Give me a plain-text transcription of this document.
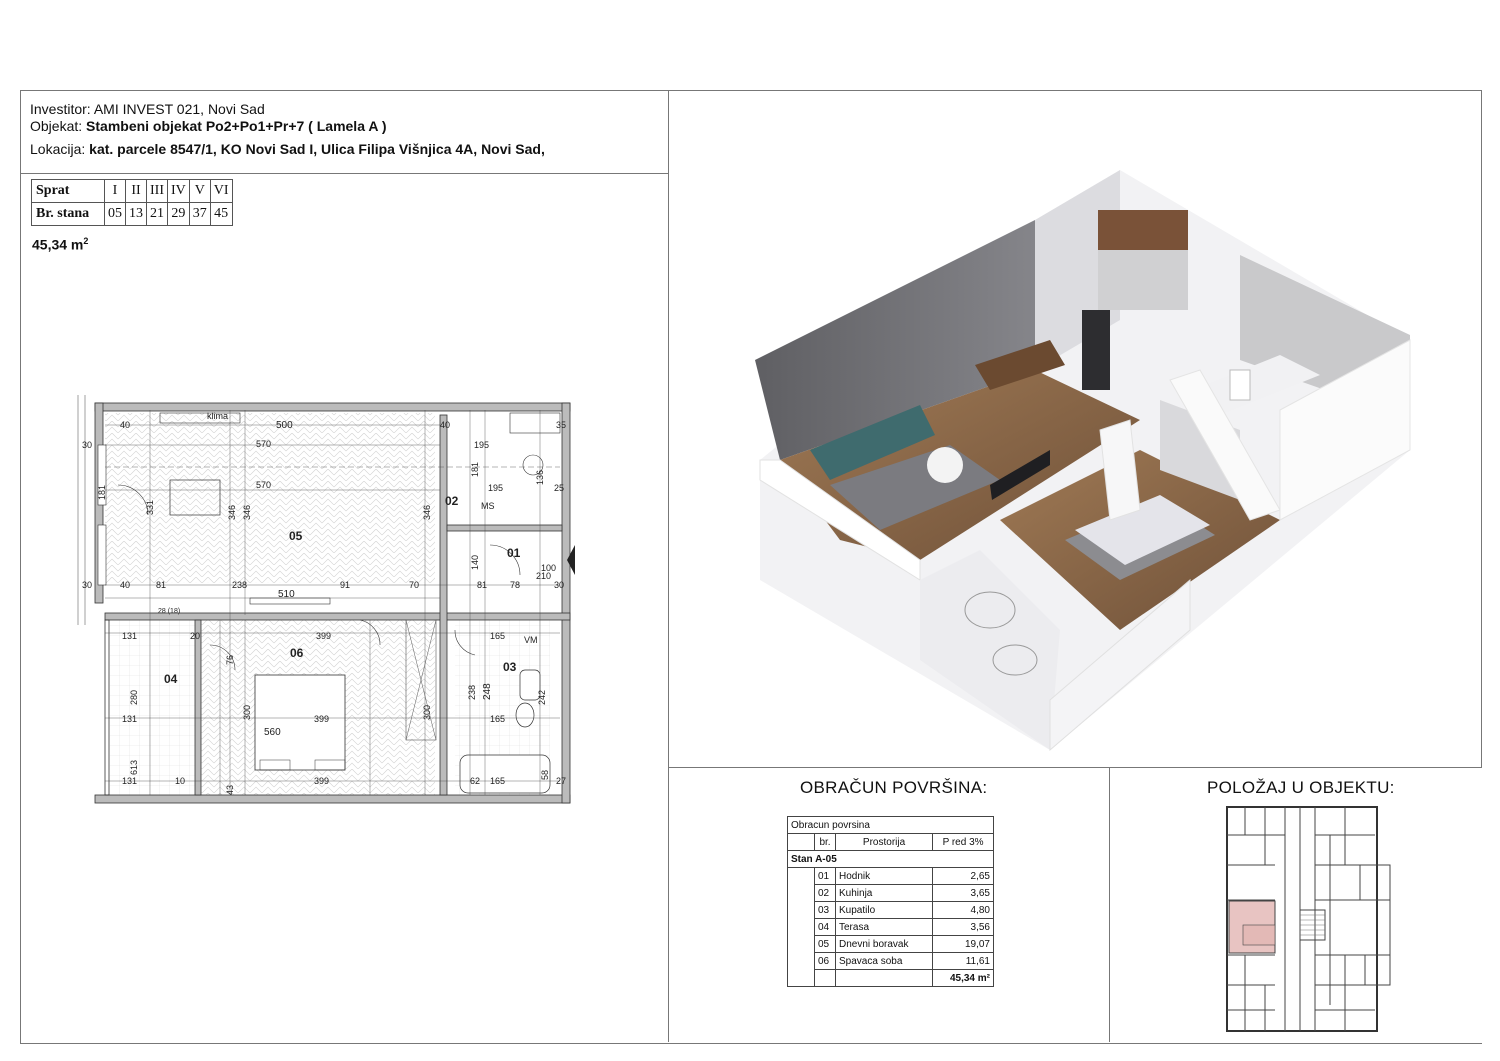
Investitor: AMI INVEST 021, Novi Sad
Objekat: Stambeni objekat Po2+Po1+Pr+7 ( Lamela A )
Lokacija: kat. parcele 8547/1, KO Novi Sad I, Ulica Filipa Višnjica 4A, Novi Sad,
Sprat	I	II	III	IV	V	VI
Br. stana	05	13	21	29	37	45
45,34 $m^2$
05
02
01
06
04
03
klima
MS
VM
500
570
570
510
560
399
399
399
195
195
165
165
165
131
131
131
238	91
81	81
70	78
40	40
40
30
30	30
25
20
10
35
100
210
27
62
28 (18)
331	346 346	346
181
136
140
238 248
300	300
613
280
76
43
242
181
58
OBRAČUN POVRŠINA:
Obracun povrsina			
	br.	Prostorija	P red 3%
Stan A-05			
	01	Hodnik	2,65
	02	Kuhinja	3,65
	03	Kupatilo	4,80
	04	Terasa	3,56
	05	Dnevni boravak	19,07
	06	Spavaca soba	11,61
			45,34 m²
POLOŽAJ U OBJEKTU:
